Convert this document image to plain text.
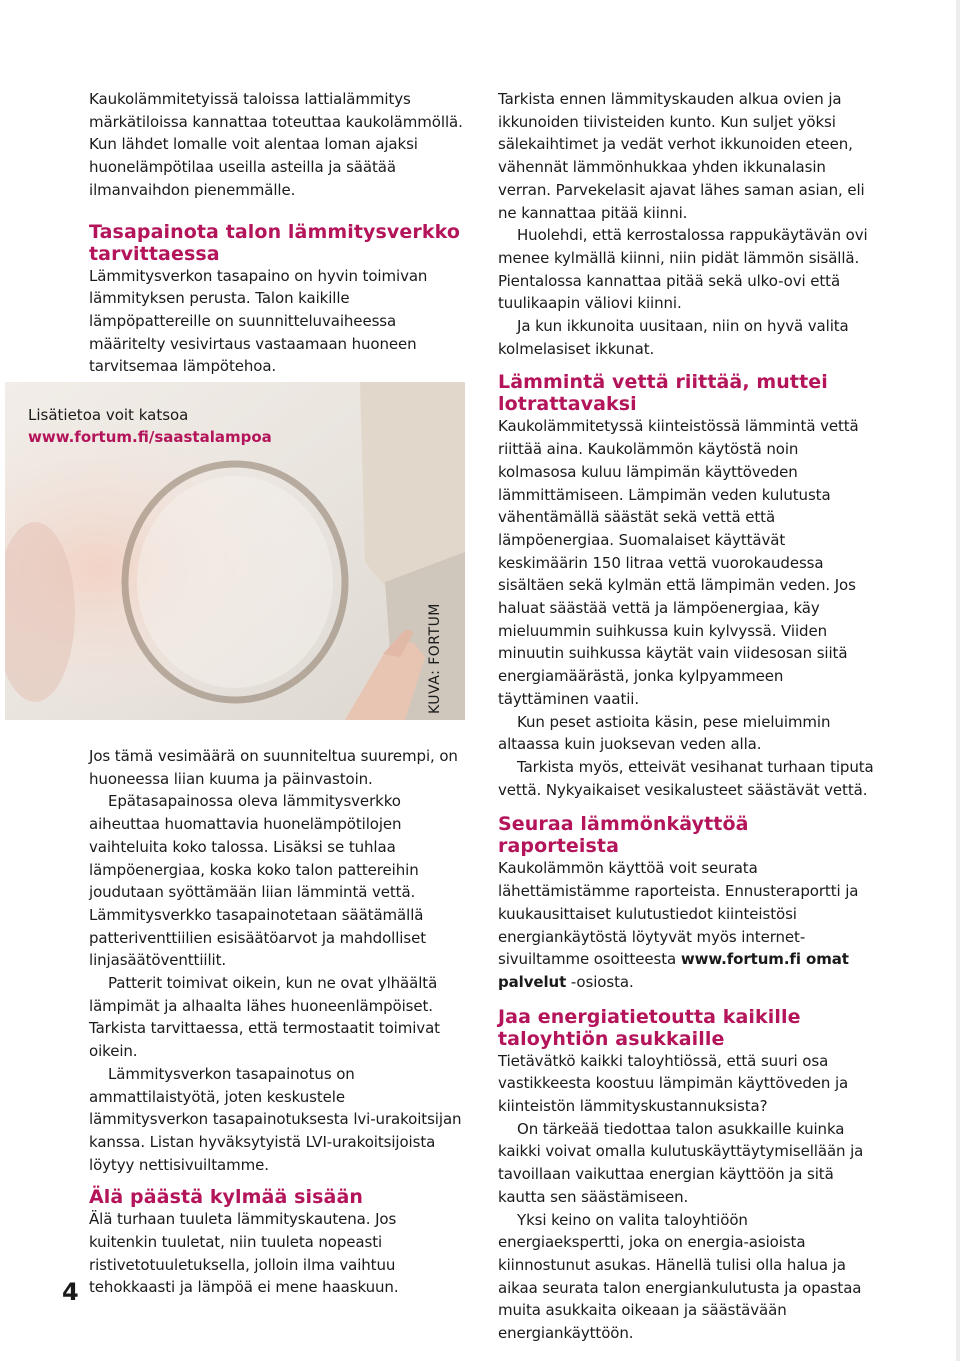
Kaukolämmitetyissä taloissa lattialämmitys märkätiloissa kannattaa toteuttaa kaukolämmöllä. Kun lähdet lomalle voit alentaa loman ajaksi huonelämpötilaa useilla asteilla ja säätää ilmanvaihdon pienemmälle.

Tasapainota talon lämmitysverkko tarvittaessa

Lämmitysverkon tasapaino on hyvin toimivan lämmityksen perusta. Talon kaikille lämpöpattereille on suunnitteluvaiheessa määritelty vesivirtaus vastaamaan huoneen tarvitsemaa lämpötehoa.

Lisätietoa voit katsoa
www.fortum.fi/saastalampoa
KUVA: FORTUM

Jos tämä vesimäärä on suunniteltua suurempi, on huoneessa liian kuuma ja päinvastoin.

Epätasapainossa oleva lämmitysverkko aiheuttaa huomattavia huonelämpötilojen vaihteluita koko talossa. Lisäksi se tuhlaa lämpöenergiaa, koska koko talon pattereihin joudutaan syöttämään liian lämmintä vettä. Lämmitysverkko tasapainotetaan säätämällä patteriventtiilien esisäätöarvot ja mahdolliset linjasäätöventtiilit.

Patterit toimivat oikein, kun ne ovat ylhäältä lämpimät ja alhaalta lähes huoneenlämpöiset. Tarkista tarvittaessa, että termostaatit toimivat oikein.

Lämmitysverkon tasapainotus on ammattilaistyötä, joten keskustele lämmitysverkon tasapainotuksesta lvi-urakoitsijan kanssa. Listan hyväksytyistä LVI-urakoitsijoista löytyy nettisivuiltamme.

Älä päästä kylmää sisään

Älä turhaan tuuleta lämmityskautena. Jos kuitenkin tuuletat, niin tuuleta nopeasti ristivetotuuletuksella, jolloin ilma vaihtuu tehokkaasti ja lämpöä ei mene haaskuun.

Tarkista ennen lämmityskauden alkua ovien ja ikkunoiden tiivisteiden kunto. Kun suljet yöksi sälekaihtimet ja vedät verhot ikkunoiden eteen, vähennät lämmönhukkaa yhden ikkunalasin verran. Parvekelasit ajavat lähes saman asian, eli ne kannattaa pitää kiinni.

Huolehdi, että kerrostalossa rappukäytävän ovi menee kylmällä kiinni, niin pidät lämmön sisällä. Pientalossa kannattaa pitää sekä ulko-ovi että tuulikaapin väliovi kiinni.

Ja kun ikkunoita uusitaan, niin on hyvä valita kolmelasiset ikkunat.

Lämmintä vettä riittää, muttei lotrattavaksi

Kaukolämmitetyssä kiinteistössä lämmintä vettä riittää aina. Kaukolämmön käytöstä noin kolmasosa kuluu lämpimän käyttöveden lämmittämiseen. Lämpimän veden kulutusta vähentämällä säästät sekä vettä että lämpöenergiaa. Suomalaiset käyttävät keskimäärin 150 litraa vettä vuorokaudessa sisältäen sekä kylmän että lämpimän veden. Jos haluat säästää vettä ja lämpöenergiaa, käy mieluummin suihkussa kuin kylvyssä. Viiden minuutin suihkussa käytät vain viidesosan siitä energiamäärästä, jonka kylpyammeen täyttäminen vaatii.

Kun peset astioita käsin, pese mieluimmin altaassa kuin juoksevan veden alla.

Tarkista myös, etteivät vesihanat turhaan tiputa vettä. Nykyaikaiset vesikalusteet säästävät vettä.

Seuraa lämmönkäyttöä raporteista

Kaukolämmön käyttöä voit seurata lähettämistämme raporteista. Ennusteraportti ja kuukausittaiset kulutustiedot kiinteistösi energiankäytöstä löytyvät myös internet-sivuiltamme osoitteesta www.fortum.fi omat palvelut -osiosta.

Jaa energiatietoutta kaikille taloyhtiön asukkaille

Tietävätkö kaikki taloyhtiössä, että suuri osa vastikkeesta koostuu lämpimän käyttöveden ja kiinteistön lämmityskustannuksista?

On tärkeää tiedottaa talon asukkaille kuinka kaikki voivat omalla kulutuskäyttäytymisellään ja tavoillaan vaikuttaa energian käyttöön ja sitä kautta sen säästämiseen.

Yksi keino on valita taloyhtiöön energiaekspertti, joka on energia-asioista kiinnostunut asukas. Hänellä tulisi olla halua ja aikaa seurata talon energiankulutusta ja opastaa muita asukkaita oikeaan ja säästävään energiankäyttöön.

4
